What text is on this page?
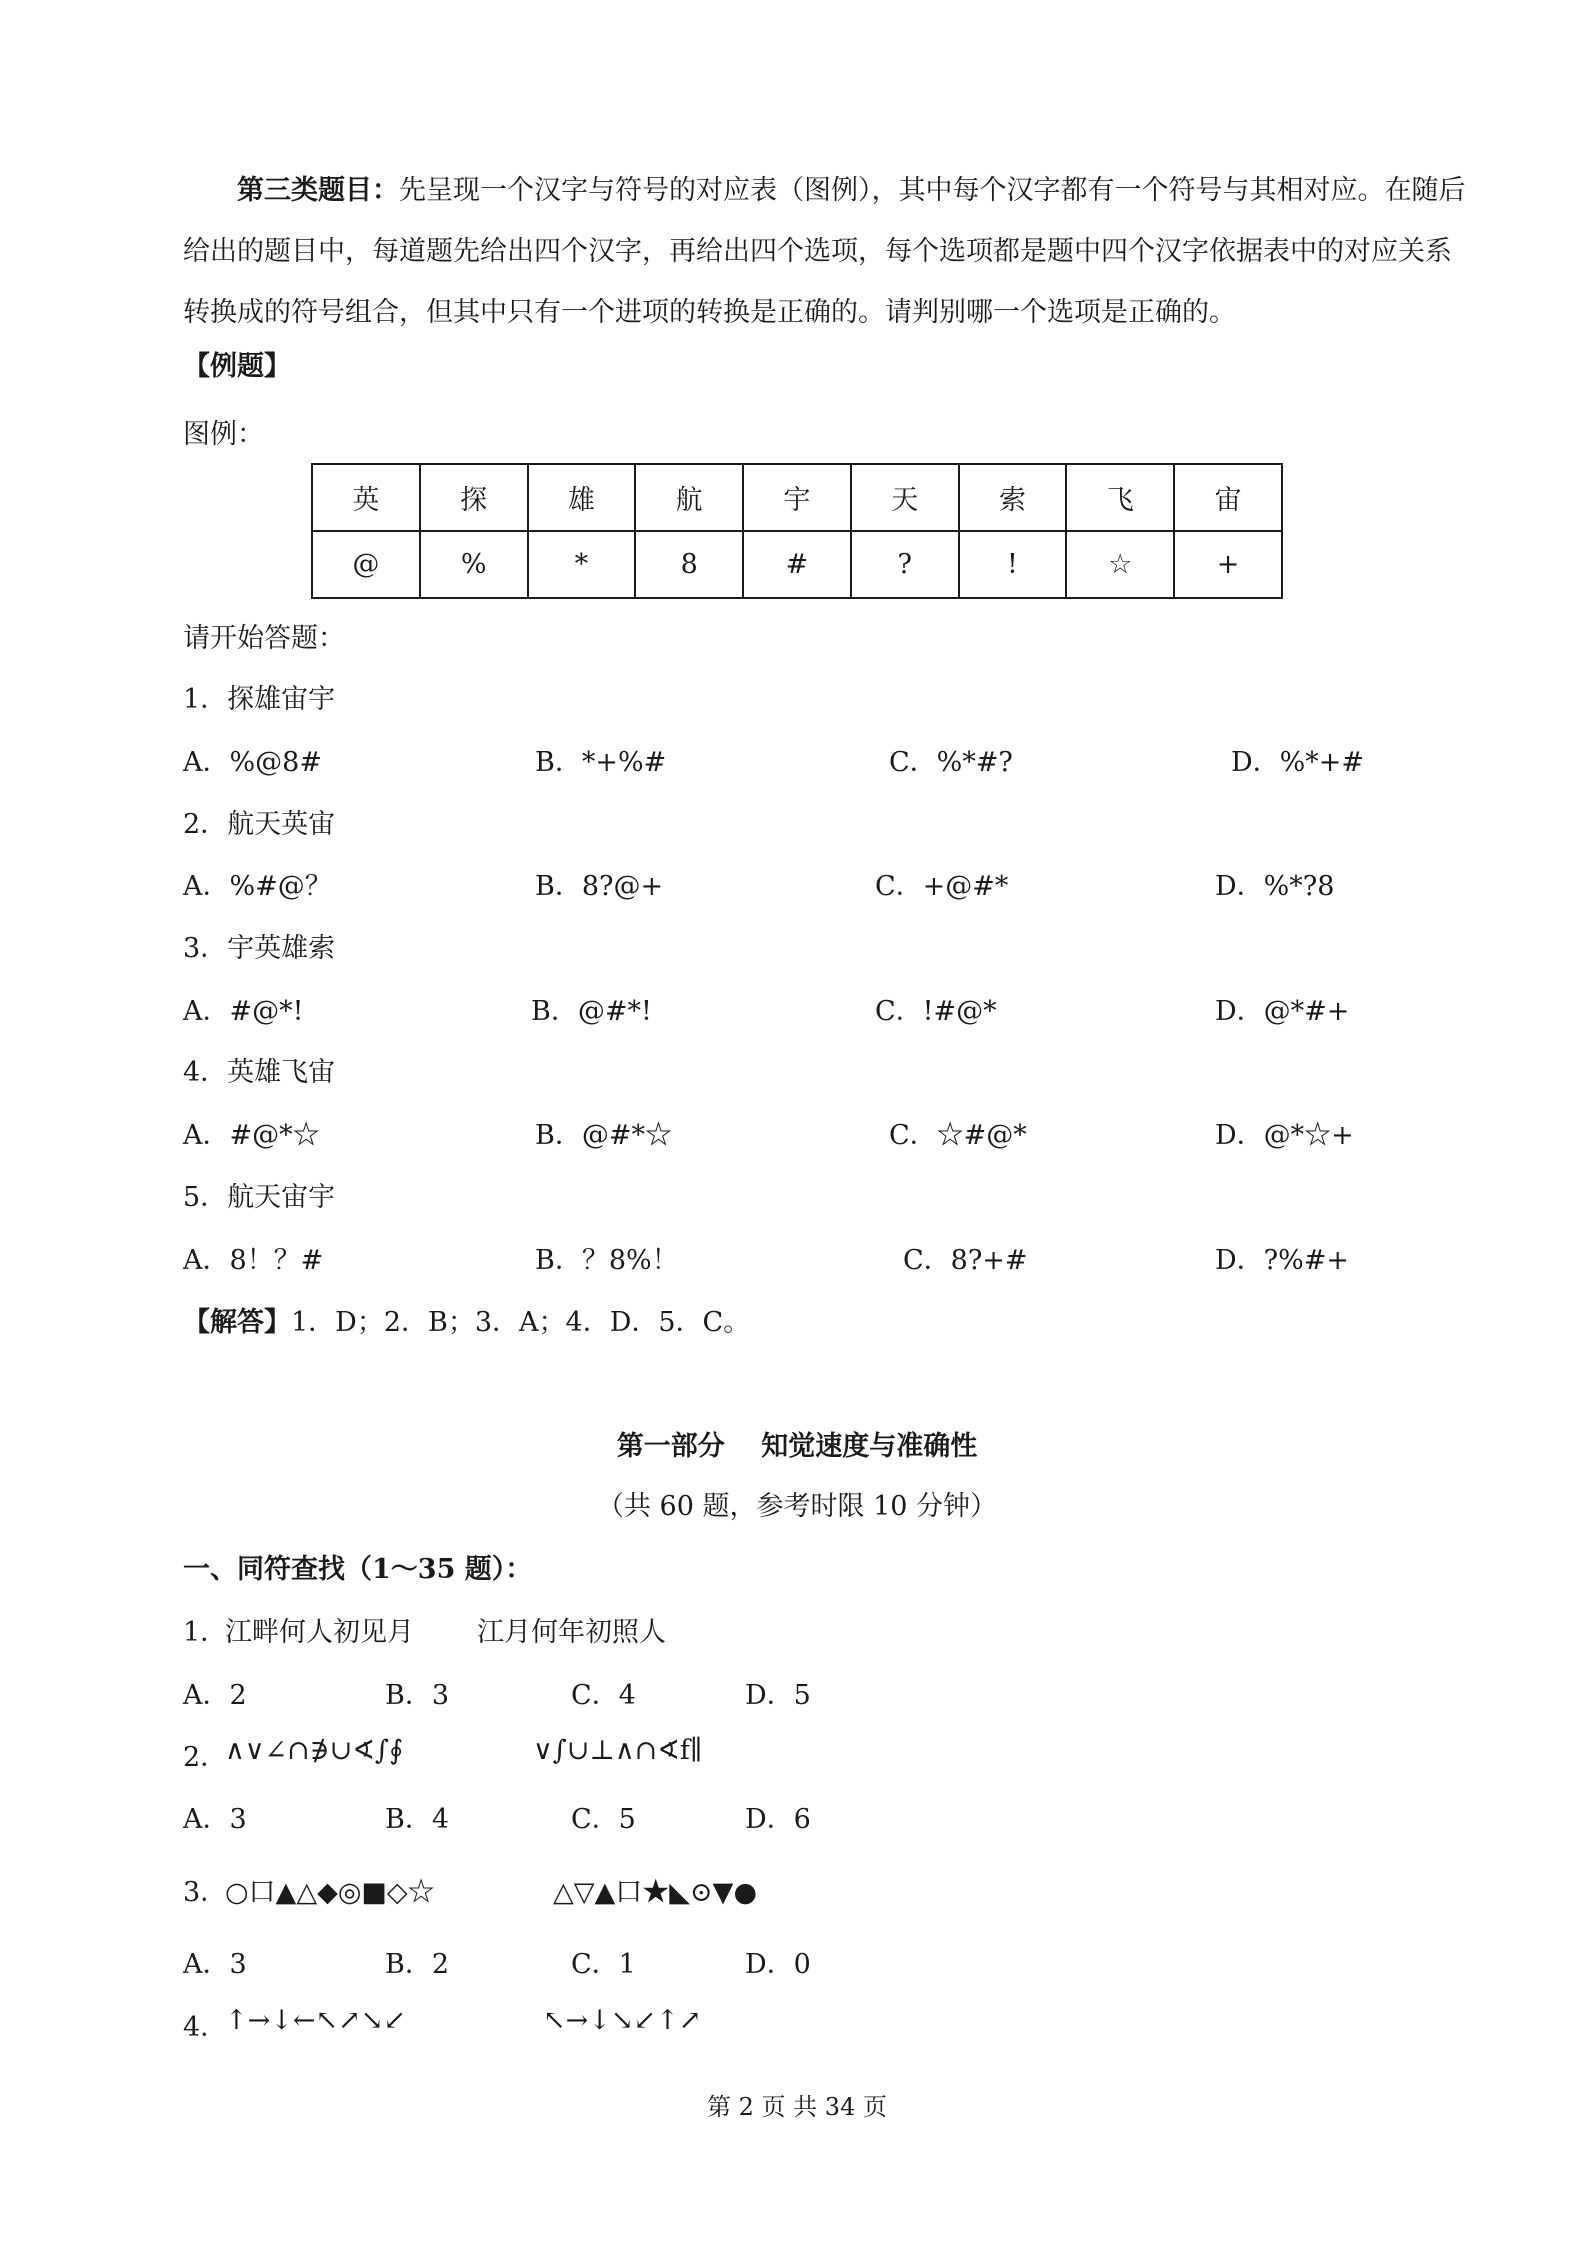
第三类题目：先呈现一个汉字与符号的对应表（图例），其中每个汉字都有一个符号与其相对应。在随后给出的题目中，每道题先给出四个汉字，再给出四个选项，每个选项都是题中四个汉字依据表中的对应关系转换成的符号组合，但其中只有一个进项的转换是正确的。请判别哪一个选项是正确的。

【例题】
图例：
英	探	雄	航	宇	天	索	飞	宙
@	%	*	8	#	?	!	☆	+
请开始答题：
1．探雄宙宇
A．%@8#	B．*+%#	C．%*#?	D．%*+#
2．航天英宙
A．%#@？	B．8?@+	C．+@#*	D．%*?8
3．宇英雄索
A．#@*!	B．@#*!	C．!#@*	D．@*#+
4．英雄飞宙
A．#@*☆	B．@#*☆	C．☆#@*	D．@*☆+
5．航天宙宇
A．8！？#	B．？8%！	C．8?+#	D．?%#+
【解答】1．D；2．B；3．A；4．D．5．C。
第一部分　 知觉速度与准确性
（共 60 题，参考时限 10 分钟）
一、同符查找（1～35 题）：
1．
江畔何人初见月 江月何年初照人
A．2	B．3	C．4	D．5
2．
∧∨∠∩∌∪∢∫∮	∨∫∪⊥∧∩∢f∥
A．3	B．4	C．5	D．6
3．
○口▲△◆◎■◇☆	△▽▲口★◣⊙▼●
A．3	B．2	C．1	D．0
4．
↑→↓←↖↗↘↙	↖→↓↘↙↑↗
第 2 页 共 34 页
